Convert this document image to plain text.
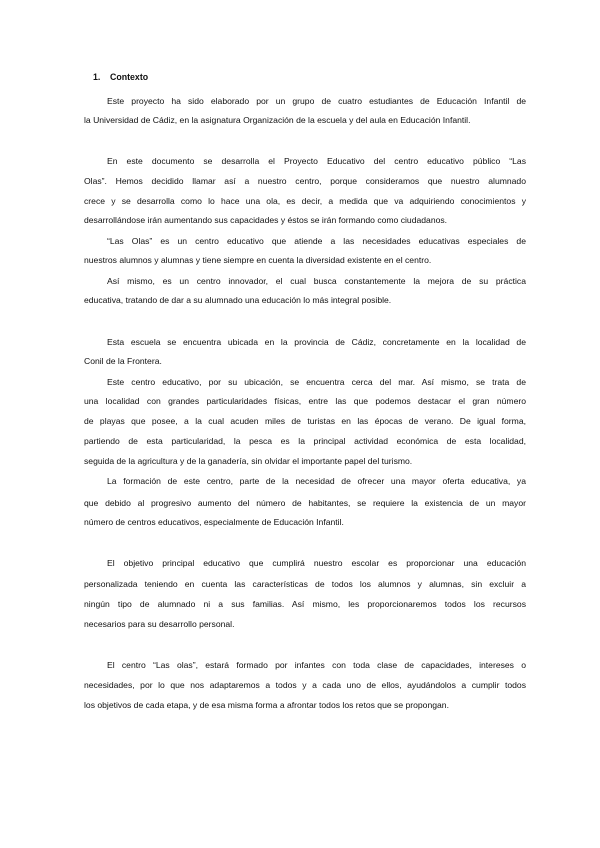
1. Contexto
Este proyecto ha sido elaborado por un grupo de cuatro estudiantes de Educación Infantil de
la Universidad de Cádiz, en la asignatura Organización de la escuela y del aula en Educación Infantil.
En este documento se desarrolla el Proyecto Educativo del centro educativo público “Las
Olas”. Hemos decidido llamar así a nuestro centro, porque consideramos que nuestro alumnado
crece y se desarrolla como lo hace una ola, es decir, a medida que va adquiriendo conocimientos y
desarrollándose irán aumentando sus capacidades y éstos se irán formando como ciudadanos.
“Las Olas” es un centro educativo que atiende a las necesidades educativas especiales de
nuestros alumnos y alumnas y tiene siempre en cuenta la diversidad existente en el centro.
Así mismo, es un centro innovador, el cual busca constantemente la mejora de su práctica
educativa, tratando de dar a su alumnado una educación lo más integral posible.
Esta escuela se encuentra ubicada en la provincia de Cádiz, concretamente en la localidad de
Conil de la Frontera.
Este centro educativo, por su ubicación, se encuentra cerca del mar. Así mismo, se trata de
una localidad con grandes particularidades físicas, entre las que podemos destacar el gran número
de playas que posee, a la cual acuden miles de turistas en las épocas de verano. De igual forma,
partiendo de esta particularidad, la pesca es la principal actividad económica de esta localidad,
seguida de la agricultura y de la ganadería, sin olvidar el importante papel del turismo.
La formación de este centro, parte de la necesidad de ofrecer una mayor oferta educativa, ya
que debido al progresivo aumento del número de habitantes, se requiere la existencia de un mayor
número de centros educativos, especialmente de Educación Infantil.
El objetivo principal educativo que cumplirá nuestro escolar es proporcionar una educación
personalizada teniendo en cuenta las características de todos los alumnos y alumnas, sin excluir a
ningún tipo de alumnado ni a sus familias. Así mismo, les proporcionaremos todos los recursos
necesarios para su desarrollo personal.
El centro “Las olas”, estará formado por infantes con toda clase de capacidades, intereses o
necesidades, por lo que nos adaptaremos a todos y a cada uno de ellos, ayudándolos a cumplir todos
los objetivos de cada etapa, y de esa misma forma a afrontar todos los retos que se propongan.
